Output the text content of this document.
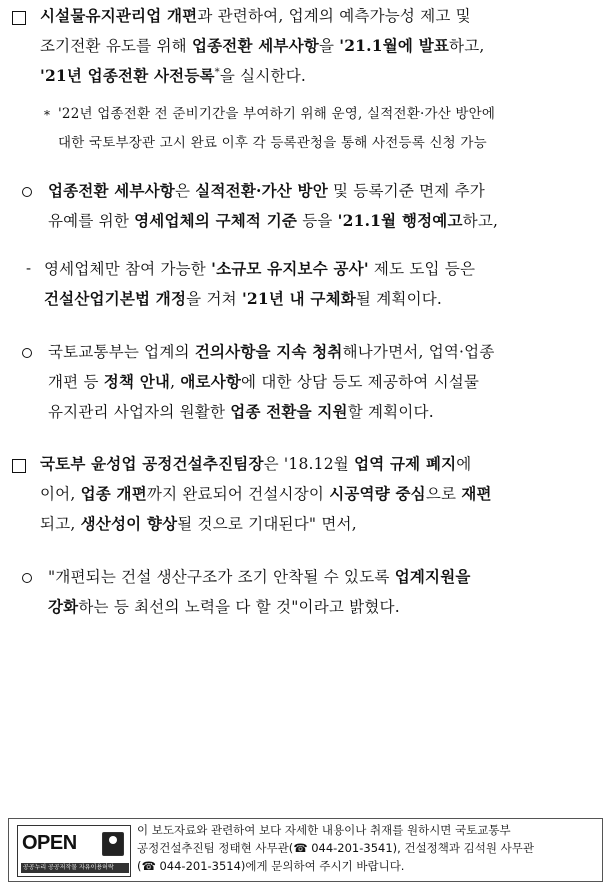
시설물유지관리업 개편과 관련하여, 업계의 예측가능성 제고 및
조기전환 유도를 위해 업종전환 세부사항을 '21.1월에 발표하고,
'21년 업종전환 사전등록*을 실시한다.
* '22년 업종전환 전 준비기간을 부여하기 위해 운영, 실적전환·가산 방안에
대한 국토부장관 고시 완료 이후 각 등록관청을 통해 사전등록 신청 가능
업종전환 세부사항은 실적전환·가산 방안 및 등록기준 면제 추가
유예를 위한 영세업체의 구체적 기준 등을 '21.1월 행정예고하고,
- 영세업체만 참여 가능한 '소규모 유지보수 공사' 제도 도입 등은
건설산업기본법 개정을 거쳐 '21년 내 구체화될 계획이다.
국토교통부는 업계의 건의사항을 지속 청취해나가면서, 업역·업종
개편 등 정책 안내, 애로사항에 대한 상담 등도 제공하여 시설물
유지관리 사업자의 원활한 업종 전환을 지원할 계획이다.
국토부 윤성업 공정건설추진팀장은 '18.12월 업역 규제 폐지에
이어, 업종 개편까지 완료되어 건설시장이 시공역량 중심으로 재편
되고, 생산성이 향상될 것으로 기대된다" 면서,
"개편되는 건설 생산구조가 조기 안착될 수 있도록 업계지원을
강화하는 등 최선의 노력을 다 할 것"이라고 밝혔다.
OPEN
공공누리 공공저작물 자유이용허락
이 보도자료와 관련하여 보다 자세한 내용이나 취재를 원하시면 국토교통부
공정건설추진팀 정태현 사무관(☎ 044-201-3541), 건설정책과 김석원 사무관
(☎ 044-201-3514)에게 문의하여 주시기 바랍니다.
